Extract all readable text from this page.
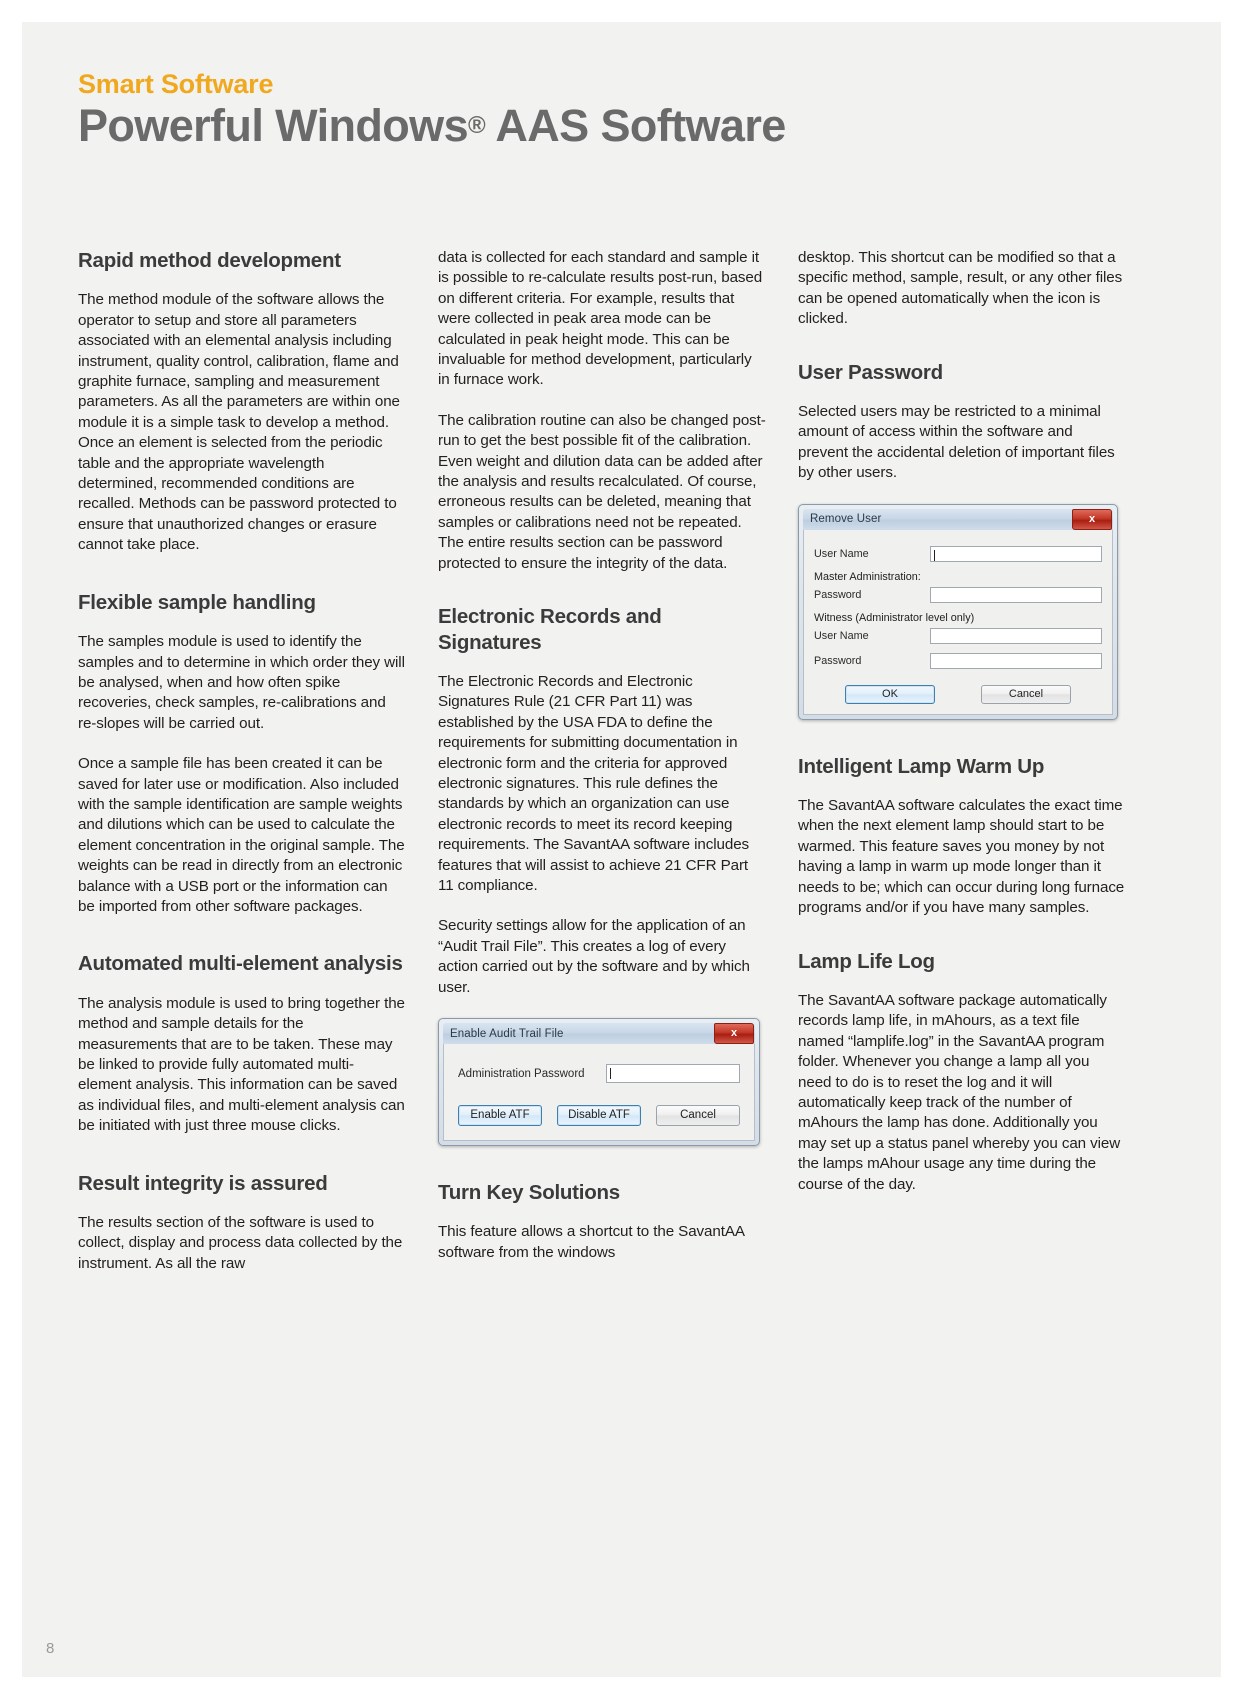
Smart Software
Powerful Windows® AAS Software
Rapid method development

The method module of the software allows the operator to setup and store all parameters associated with an elemental analysis including instrument, quality control, calibration, flame and graphite furnace, sampling and measurement parameters. As all the parameters are within one module it is a simple task to develop a method. Once an element is selected from the periodic table and the appropriate wavelength determined, recommended conditions are recalled. Methods can be password protected to ensure that unauthorized changes or erasure cannot take place.

Flexible sample handling

The samples module is used to identify the samples and to determine in which order they will be analysed, when and how often spike recoveries, check samples, re-calibrations and re-slopes will be carried out.

Once a sample file has been created it can be saved for later use or modification. Also included with the sample identification are sample weights and dilutions which can be used to calculate the element concentration in the original sample. The weights can be read in directly from an electronic balance with a USB port or the information can be imported from other software packages.

Automated multi-element analysis

The analysis module is used to bring together the method and sample details for the measurements that are to be taken. These may be linked to provide fully automated multi-element analysis. This information can be saved as individual files, and multi-element analysis can be initiated with just three mouse clicks.

Result integrity is assured

The results section of the software is used to collect, display and process data collected by the instrument. As all the raw

data is collected for each standard and sample it is possible to re-calculate results post-run, based on different criteria. For example, results that were collected in peak area mode can be calculated in peak height mode. This can be invaluable for method development, particularly in furnace work.

The calibration routine can also be changed post-run to get the best possible fit of the calibration. Even weight and dilution data can be added after the analysis and results recalculated. Of course, erroneous results can be deleted, meaning that samples or calibrations need not be repeated. The entire results section can be password protected to ensure the integrity of the data.

Electronic Records and Signatures

The Electronic Records and Electronic Signatures Rule (21 CFR Part 11) was established by the USA FDA to define the requirements for submitting documentation in electronic form and the criteria for approved electronic signatures. This rule defines the standards by which an organization can use electronic records to meet its record keeping requirements. The SavantAA software includes features that will assist to achieve 21 CFR Part 11 compliance.

Security settings allow for the application of an “Audit Trail File”. This creates a log of every action carried out by the software and by which user.

Enable Audit Trail File	x
Administration Password
Enable ATF	Disable ATF	Cancel
Turn Key Solutions

This feature allows a shortcut to the SavantAA software from the windows

desktop. This shortcut can be modified so that a specific method, sample, result, or any other files can be opened automatically when the icon is clicked.

User Password

Selected users may be restricted to a minimal amount of access within the software and prevent the accidental deletion of important files by other users.

Remove User	x
User Name
Master Administration:
Password
Witness (Administrator level only)
User Name
Password
OK	Cancel
Intelligent Lamp Warm Up

The SavantAA software calculates the exact time when the next element lamp should start to be warmed. This feature saves you money by not having a lamp in warm up mode longer than it needs to be; which can occur during long furnace programs and/or if you have many samples.

Lamp Life Log

The SavantAA software package automatically records lamp life, in mAhours, as a text file named “lamplife.log” in the SavantAA program folder. Whenever you change a lamp all you need to do is to reset the log and it will automatically keep track of the number of mAhours the lamp has done. Additionally you may set up a status panel whereby you can view the lamps mAhour usage any time during the course of the day.

8
